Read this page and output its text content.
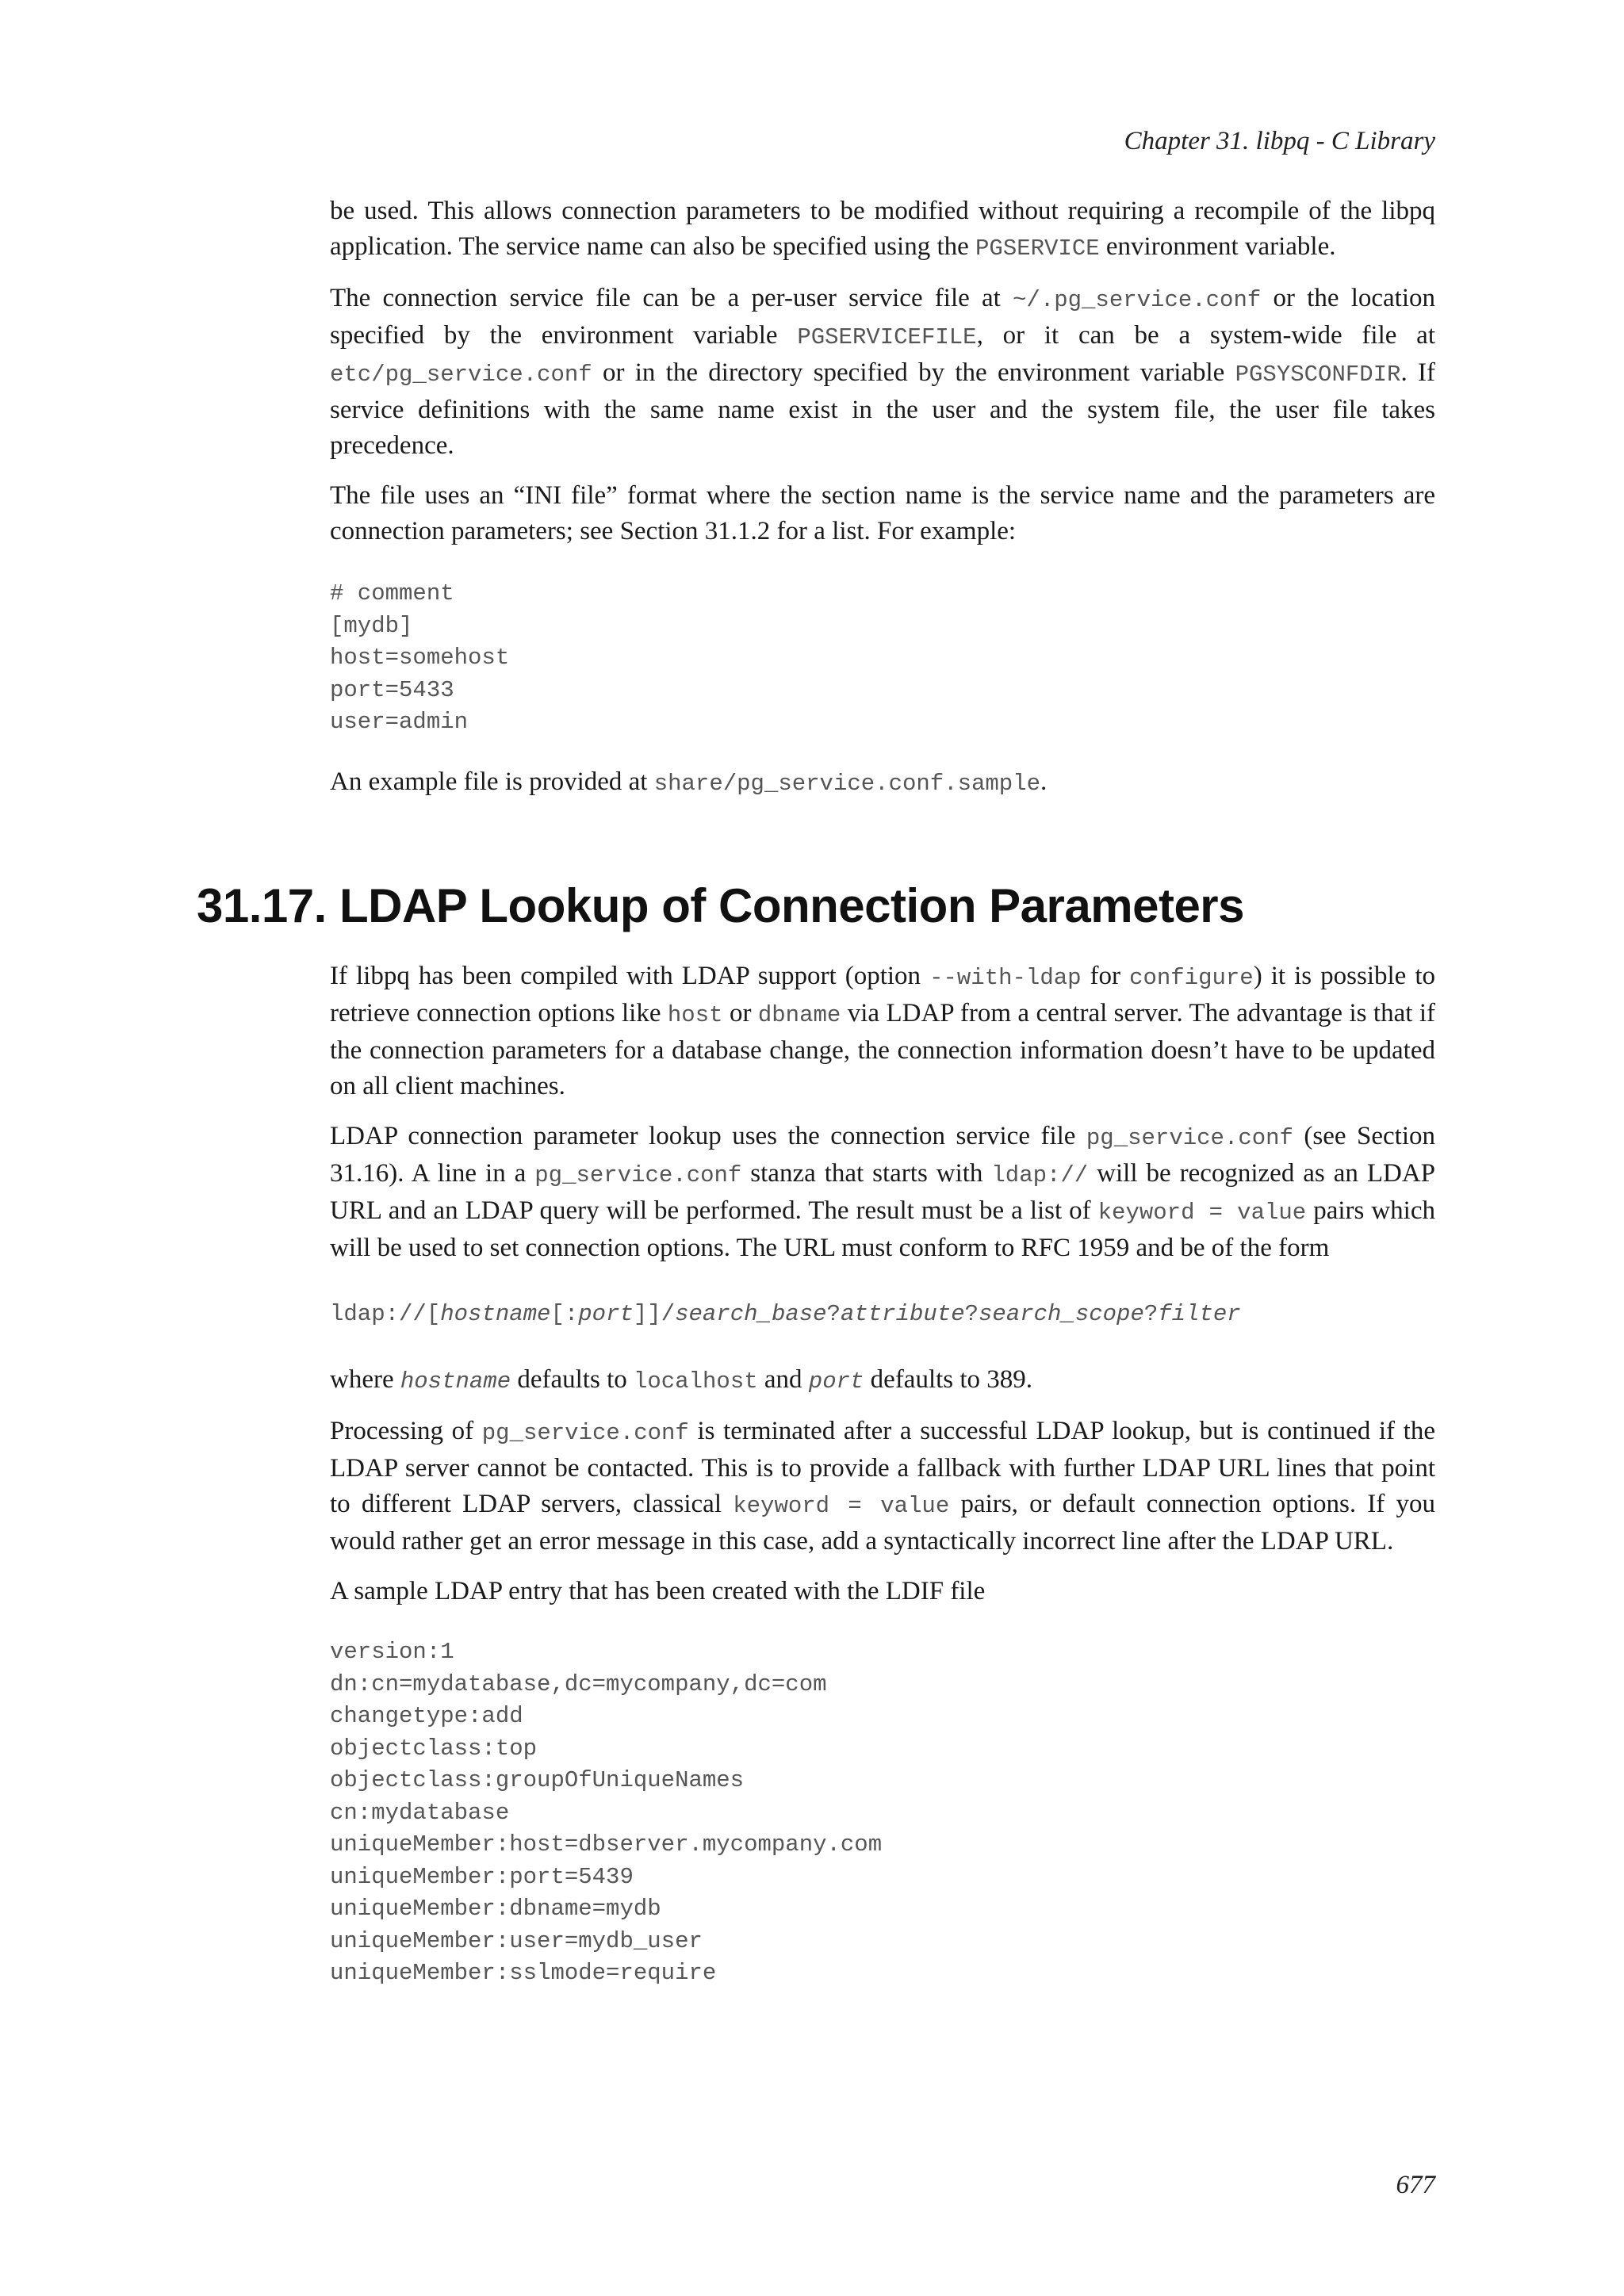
Chapter 31. libpq - C Library

be used. This allows connection parameters to be modified without requiring a recompile of the libpq application. The service name can also be specified using the PGSERVICE environment variable.

The connection service file can be a per-user service file at ~/.pg_service.conf or the location specified by the environment variable PGSERVICEFILE, or it can be a system-wide file at etc/pg_service.conf or in the directory specified by the environment variable PGSYSCONFDIR. If service definitions with the same name exist in the user and the system file, the user file takes precedence.

The file uses an “INI file” format where the section name is the service name and the parameters are connection parameters; see Section 31.1.2 for a list. For example:

# comment
[mydb]
host=somehost
port=5433
user=admin

An example file is provided at share/pg_service.conf.sample.

31.17. LDAP Lookup of Connection Parameters

If libpq has been compiled with LDAP support (option --with-ldap for configure) it is possible to retrieve connection options like host or dbname via LDAP from a central server. The advantage is that if the connection parameters for a database change, the connection information doesn’t have to be updated on all client machines.

LDAP connection parameter lookup uses the connection service file pg_service.conf (see Section 31.16). A line in a pg_service.conf stanza that starts with ldap:// will be recognized as an LDAP URL and an LDAP query will be performed. The result must be a list of keyword = value pairs which will be used to set connection options. The URL must conform to RFC 1959 and be of the form

ldap://[hostname[:port]]/search_base?attribute?search_scope?filter

where hostname defaults to localhost and port defaults to 389.

Processing of pg_service.conf is terminated after a successful LDAP lookup, but is continued if the LDAP server cannot be contacted. This is to provide a fallback with further LDAP URL lines that point to different LDAP servers, classical keyword = value pairs, or default connection options. If you would rather get an error message in this case, add a syntactically incorrect line after the LDAP URL.

A sample LDAP entry that has been created with the LDIF file

version:1
dn:cn=mydatabase,dc=mycompany,dc=com
changetype:add
objectclass:top
objectclass:groupOfUniqueNames
cn:mydatabase
uniqueMember:host=dbserver.mycompany.com
uniqueMember:port=5439
uniqueMember:dbname=mydb
uniqueMember:user=mydb_user
uniqueMember:sslmode=require
677
